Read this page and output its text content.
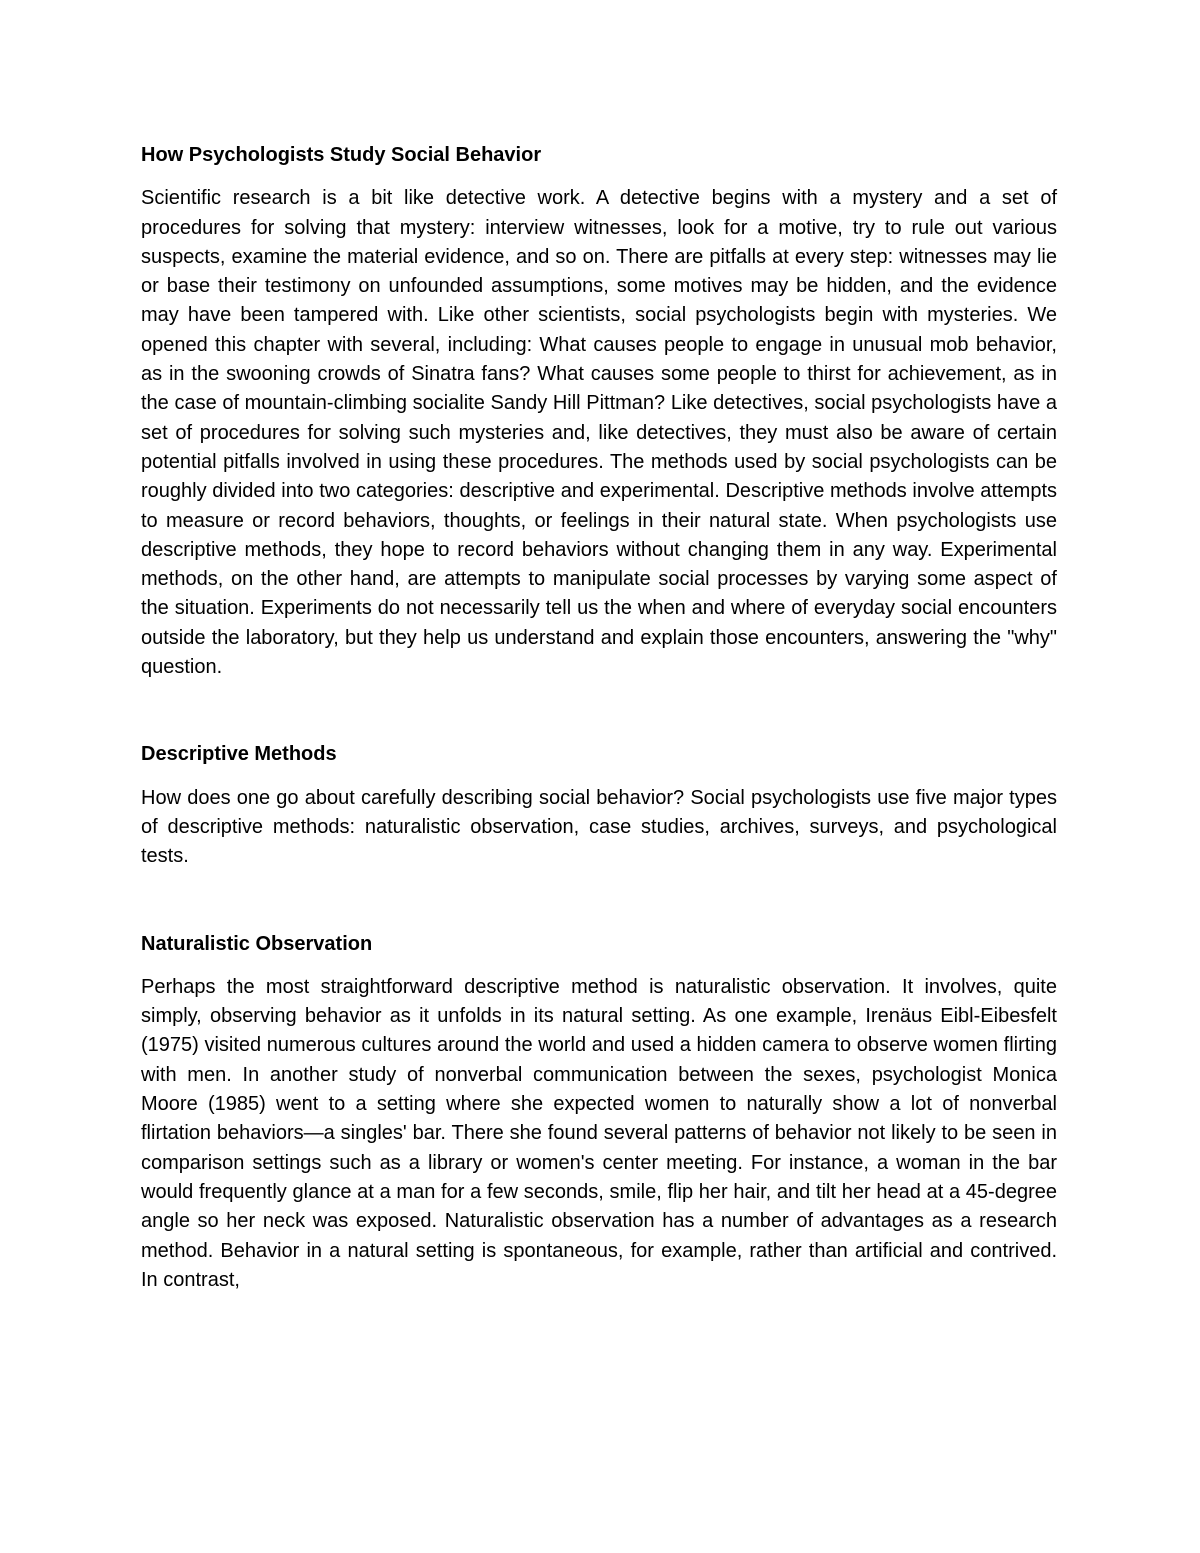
How Psychologists Study Social Behavior

Scientific research is a bit like detective work. A detective begins with a mystery and a set of procedures for solving that mystery: interview witnesses, look for a motive, try to rule out various suspects, examine the material evidence, and so on. There are pitfalls at every step: witnesses may lie or base their testimony on unfounded assumptions, some motives may be hidden, and the evidence may have been tampered with. Like other scientists, social psychologists begin with mysteries. We opened this chapter with several, including: What causes people to engage in unusual mob behavior, as in the swooning crowds of Sinatra fans? What causes some people to thirst for achievement, as in the case of mountain-climbing socialite Sandy Hill Pittman? Like detectives, social psychologists have a set of procedures for solving such mysteries and, like detectives, they must also be aware of certain potential pitfalls involved in using these procedures. The methods used by social psychologists can be roughly divided into two categories: descriptive and experimental. Descriptive methods involve attempts to measure or record behaviors, thoughts, or feelings in their natural state. When psychologists use descriptive methods, they hope to record behaviors without changing them in any way. Experimental methods, on the other hand, are attempts to manipulate social processes by varying some aspect of the situation. Experiments do not necessarily tell us the when and where of everyday social encounters outside the laboratory, but they help us understand and explain those encounters, answering the "why" question.

Descriptive Methods

How does one go about carefully describing social behavior? Social psychologists use five major types of descriptive methods: naturalistic observation, case studies, archives, surveys, and psychological tests.

Naturalistic Observation

Perhaps the most straightforward descriptive method is naturalistic observation. It involves, quite simply, observing behavior as it unfolds in its natural setting. As one example, Irenäus Eibl-Eibesfelt (1975) visited numerous cultures around the world and used a hidden camera to observe women flirting with men. In another study of nonverbal communication between the sexes, psychologist Monica Moore (1985) went to a setting where she expected women to naturally show a lot of nonverbal flirtation behaviors—a singles' bar. There she found several patterns of behavior not likely to be seen in comparison settings such as a library or women's center meeting. For instance, a woman in the bar would frequently glance at a man for a few seconds, smile, flip her hair, and tilt her head at a 45-degree angle so her neck was exposed. Naturalistic observation has a number of advantages as a research method. Behavior in a natural setting is spontaneous, for example, rather than artificial and contrived. In contrast,
